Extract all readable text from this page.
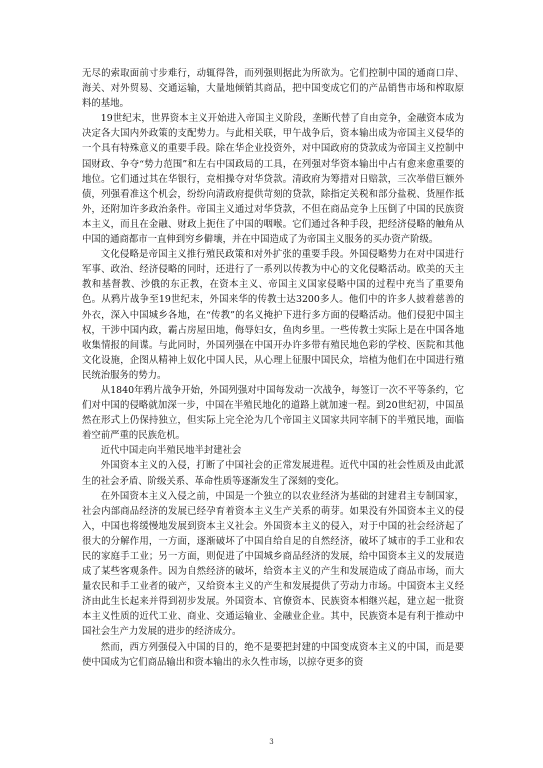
无尽的索取面前寸步难行，动辄得咎，而列强则据此为所欲为。它们控制中国的通商口岸、海关、对外贸易、交通运输，大量地倾销其商品，把中国变成它们的产品销售市场和榨取原料的基地。

19世纪末，世界资本主义开始进入帝国主义阶段，垄断代替了自由竞争，金融资本成为决定各大国内外政策的支配势力。与此相关联，甲午战争后，资本输出成为帝国主义侵华的一个具有特殊意义的重要手段。除在华企业投资外，对中国政府的贷款成为帝国主义控制中国财政、争夺“势力范围”和左右中国政局的工具，在列强对华资本输出中占有愈来愈重要的地位。它们通过其在华银行，竞相操夺对华贷款。清政府为筹措对日赔款，三次举借巨额外债，列强看准这个机会，纷纷向清政府提供苛刻的贷款，除指定关税和部分盐税、货厘作抵外，还附加许多政治条件。帝国主义通过对华贷款，不但在商品竞争上压倒了中国的民族资本主义，而且在金融、财政上扼住了中国的咽喉。它们通过各种手段，把经济侵略的触角从中国的通商都市一直伸到穷乡僻壤，并在中国造成了为帝国主义服务的买办资产阶级。

文化侵略是帝国主义推行殖民政策和对外扩张的重要手段。外国侵略势力在对中国进行军事、政治、经济侵略的同时，还进行了一系列以传教为中心的文化侵略活动。欧美的天主教和基督教、沙俄的东正教，在资本主义、帝国主义国家侵略中国的过程中充当了重要角色。从鸦片战争至19世纪末，外国来华的传教士达3200多人。他们中的许多人披着慈善的外衣，深入中国城乡各地，在“传教”的名义掩护下进行多方面的侵略活动。他们侵犯中国主权，干涉中国内政，霸占房屋田地，侮辱妇女，鱼肉乡里。一些传教士实际上是在中国各地收集情报的间谍。与此同时，外国列强在中国开办许多带有殖民地色彩的学校、医院和其他文化设施，企图从精神上奴化中国人民，从心理上征服中国民众，培植为他们在中国进行殖民统治服务的势力。

从1840年鸦片战争开始，外国列强对中国每发动一次战争，每签订一次不平等条约，它们对中国的侵略就加深一步，中国在半殖民地化的道路上就加速一程。到20世纪初，中国虽然在形式上仍保持独立，但实际上完全沦为几个帝国主义国家共同宰制下的半殖民地，面临着空前严重的民族危机。

近代中国走向半殖民地半封建社会

外国资本主义的入侵，打断了中国社会的正常发展进程。近代中国的社会性质及由此派生的社会矛盾、阶级关系、革命性质等逐渐发生了深刻的变化。

在外国资本主义入侵之前，中国是一个独立的以农业经济为基础的封建君主专制国家，社会内部商品经济的发展已经孕育着资本主义生产关系的萌芽。如果没有外国资本主义的侵入，中国也将缓慢地发展到资本主义社会。外国资本主义的侵入，对于中国的社会经济起了很大的分解作用，一方面，逐渐破坏了中国自给自足的自然经济，破坏了城市的手工业和农民的家庭手工业；另一方面，则促进了中国城乡商品经济的发展，给中国资本主义的发展造成了某些客观条件。因为自然经济的破坏，给资本主义的产生和发展造成了商品市场，而大量农民和手工业者的破产，又给资本主义的产生和发展提供了劳动力市场。中国资本主义经济由此生长起来并得到初步发展。外国资本、官僚资本、民族资本相继兴起，建立起一批资本主义性质的近代工业、商业、交通运输业、金融业企业。其中，民族资本是有利于推动中国社会生产力发展的进步的经济成分。

然而，西方列强侵入中国的目的，绝不是要把封建的中国变成资本主义的中国，而是要使中国成为它们商品输出和资本输出的永久性市场，以掠夺更多的资

3
